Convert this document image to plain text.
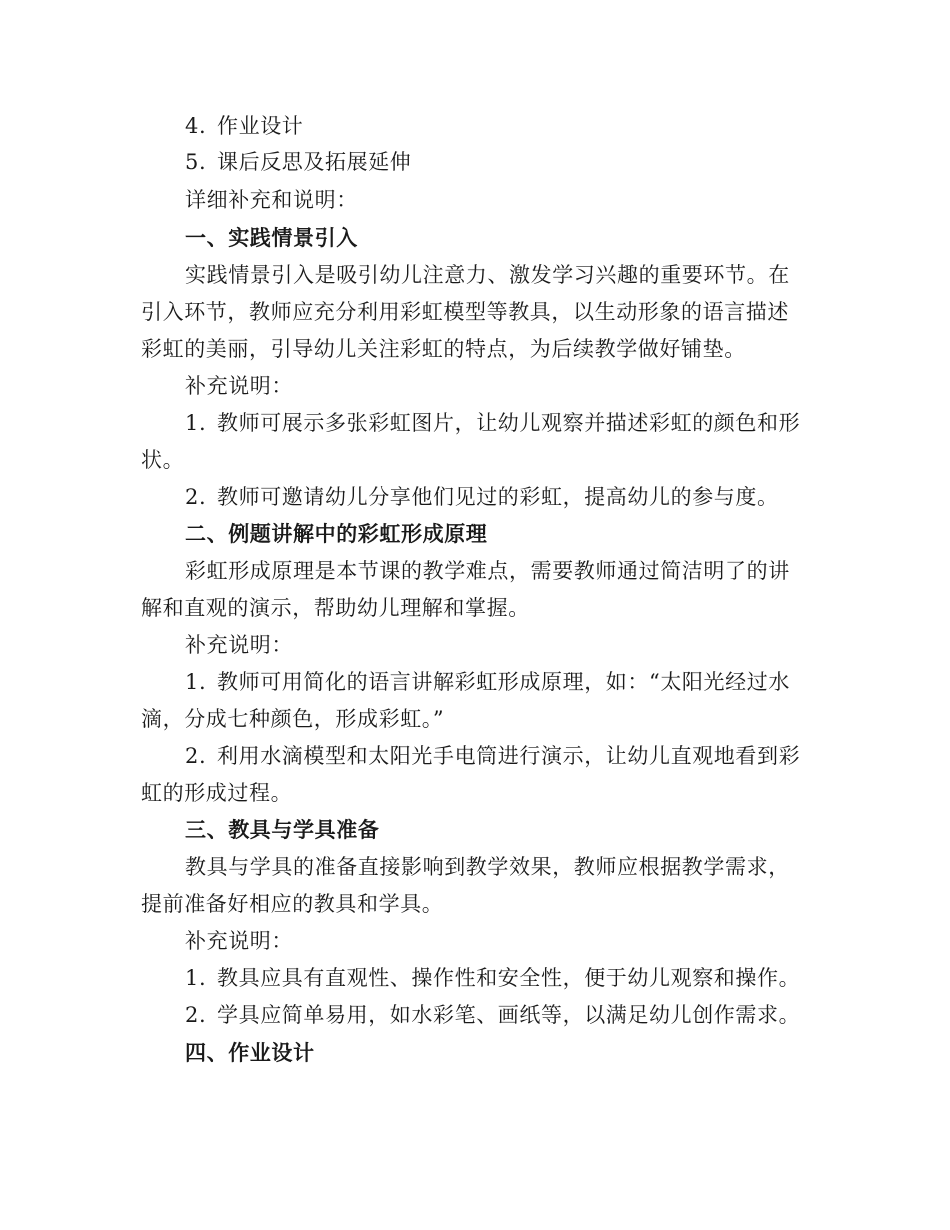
4. 作业设计
5. 课后反思及拓展延伸
详细补充和说明：
一、实践情景引入
实践情景引入是吸引幼儿注意力、激发学习兴趣的重要环节。在
引入环节，教师应充分利用彩虹模型等教具，以生动形象的语言描述
彩虹的美丽，引导幼儿关注彩虹的特点，为后续教学做好铺垫。
补充说明：
1. 教师可展示多张彩虹图片，让幼儿观察并描述彩虹的颜色和形
状。
2. 教师可邀请幼儿分享他们见过的彩虹，提高幼儿的参与度。
二、例题讲解中的彩虹形成原理
彩虹形成原理是本节课的教学难点，需要教师通过简洁明了的讲
解和直观的演示，帮助幼儿理解和掌握。
补充说明：
1. 教师可用简化的语言讲解彩虹形成原理，如：“太阳光经过水
滴，分成七种颜色，形成彩虹。”
2. 利用水滴模型和太阳光手电筒进行演示，让幼儿直观地看到彩
虹的形成过程。
三、教具与学具准备
教具与学具的准备直接影响到教学效果，教师应根据教学需求，
提前准备好相应的教具和学具。
补充说明：
1. 教具应具有直观性、操作性和安全性，便于幼儿观察和操作。
2. 学具应简单易用，如水彩笔、画纸等，以满足幼儿创作需求。
四、作业设计
